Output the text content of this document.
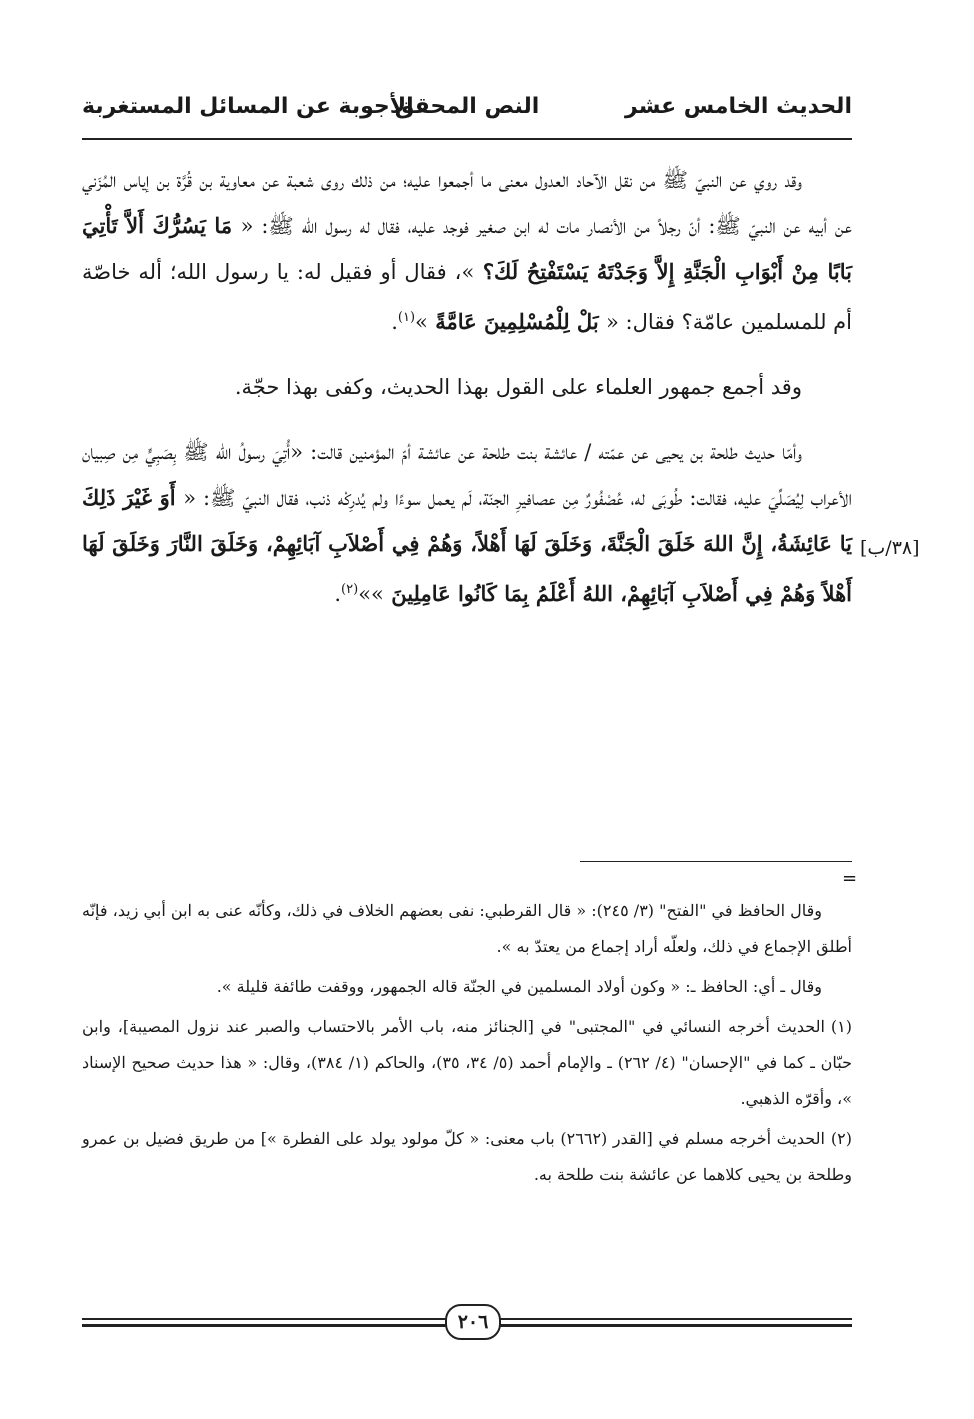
الحديث الخامس عشر
النص المحقق
الأجوبة عن المسائل المستغربة
[٣٨/ب]

وقد روي عن النبيّ ﷺ من نقل الآحاد العدول معنى ما أجمعوا عليه؛ من ذلك روى شعبة عن معاوية بن قُرَّة بن إياس المُزَني عن أبيه عن النبيّ ﷺ: أنّ رجلاً من الأنصار مات له ابن صغير فوجد عليه، فقال له رسول الله ﷺ: « مَا يَسُرُّكَ أَلاَّ تَأْتِيَ بَابًا مِنْ أَبْوَابِ الْجَنَّةِ إِلاَّ وَجَدْتَهُ يَسْتَفْتِحُ لَكَ؟ »، فقال أو فقيل له: يا رسول الله؛ أله خاصّة أم للمسلمين عامّة؟ فقال: « بَلْ لِلْمُسْلِمِينَ عَامَّةً »$^{(١)}$.

وقد أجمع جمهور العلماء على القول بهذا الحديث، وكفى بهذا حجّة.

وأمّا حديث طلحة بن يحيى عن عمّته / عائشة بنت طلحة عن عائشة أمّ المؤمنين قالت: «أُتِيَ رسولُ الله ﷺ بِصَبِيٍّ مِن صِبيان الأعراب لِيُصَلِّيَ عليه، فقالت: طُوبَى له، عُصْفُورٌ مِن عصافيرِ الجنّة، لَم يعمل سوءًا ولم يُدرِكْه ذنب، فقال النبيّ ﷺ: « أَوَ غَيْرَ ذَلِكَ يَا عَائِشَةُ، إِنَّ اللهَ خَلَقَ الْجَنَّةَ، وَخَلَقَ لَهَا أَهْلاً، وَهُمْ فِي أَصْلاَبِ آبَائِهِمْ، وَخَلَقَ النَّارَ وَخَلَقَ لَهَا أَهْلاً وَهُمْ فِي أَصْلاَبِ آبَائِهِمْ، اللهُ أَعْلَمُ بِمَا كَانُوا عَامِلِينَ »»$^{(٢)}$.

=

وقال الحافظ في "الفتح" (٣/ ٢٤٥): « قال القرطبي: نفى بعضهم الخلاف في ذلك، وكأنّه عنى به ابن أبي زيد، فإنّه أطلق الإجماع في ذلك، ولعلّه أراد إجماع من يعتدّ به ».

وقال ـ أي: الحافظ ـ: « وكون أولاد المسلمين في الجنّة قاله الجمهور، ووقفت طائفة قليلة ».

(١)الحديث أخرجه النسائي في "المجتبى" في [الجنائز منه، باب الأمر بالاحتساب والصبر عند نزول المصيبة]، وابن حبّان ـ كما في "الإحسان" (٤/ ٢٦٢) ـ والإمام أحمد (٥/ ٣٤، ٣٥)، والحاكم (١/ ٣٨٤)، وقال: « هذا حديث صحيح الإسناد »، وأقرّه الذهبي.

(٢)الحديث أخرجه مسلم في [القدر (٢٦٦٢) باب معنى: « كلّ مولود يولد على الفطرة »] من طريق فضيل بن عمرو وطلحة بن يحيى كلاهما عن عائشة بنت طلحة به.

٢٠٦
